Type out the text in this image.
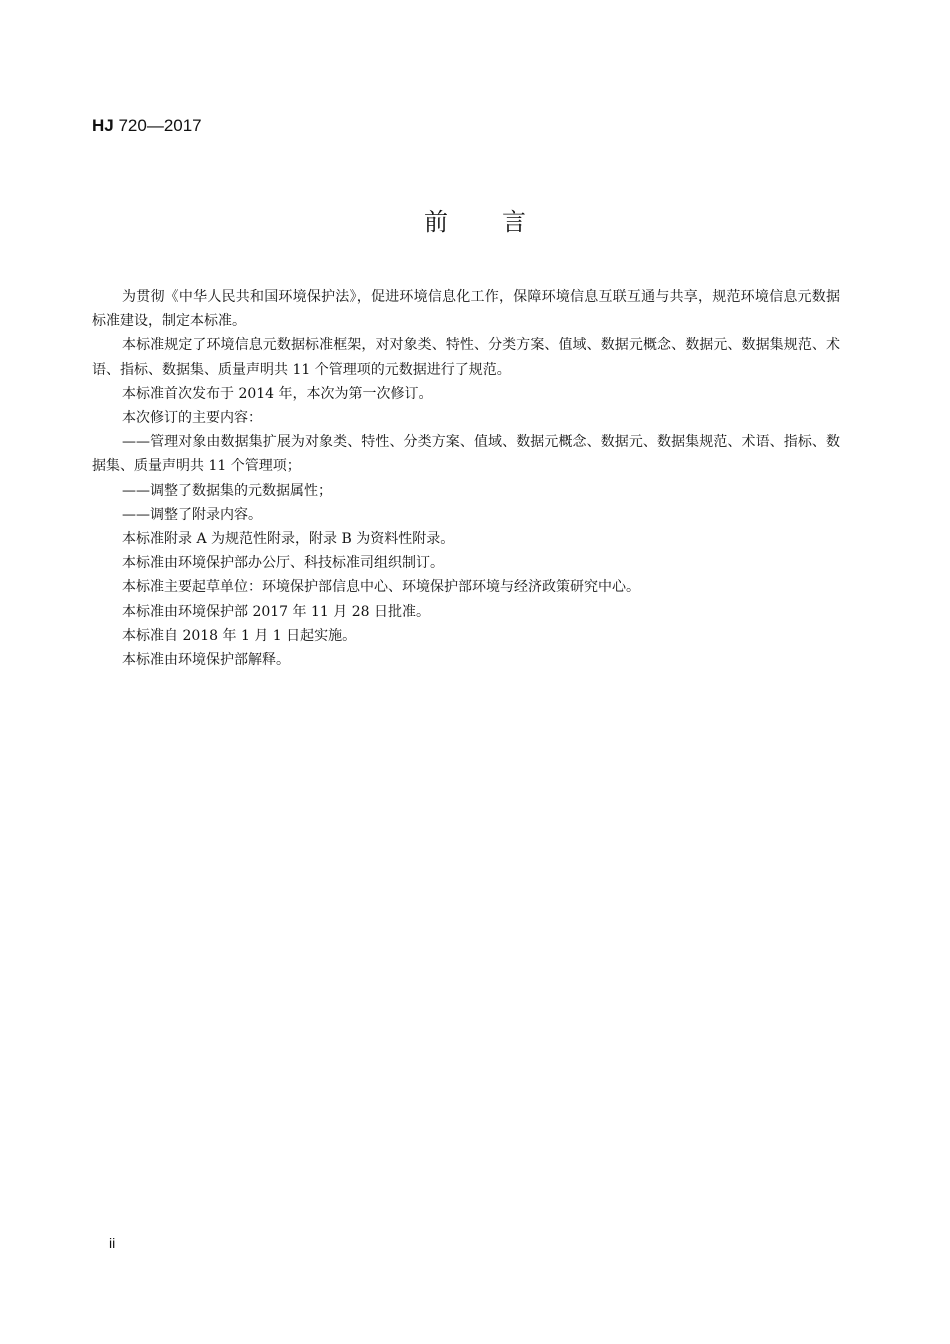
HJ 720—2017
前言

为贯彻《中华人民共和国环境保护法》，促进环境信息化工作，保障环境信息互联互通与共享，规范环境信息元数据标准建设，制定本标准。

本标准规定了环境信息元数据标准框架，对对象类、特性、分类方案、值域、数据元概念、数据元、数据集规范、术语、指标、数据集、质量声明共 11 个管理项的元数据进行了规范。

本标准首次发布于 2014 年，本次为第一次修订。

本次修订的主要内容：

——管理对象由数据集扩展为对象类、特性、分类方案、值域、数据元概念、数据元、数据集规范、术语、指标、数据集、质量声明共 11 个管理项；

——调整了数据集的元数据属性；

——调整了附录内容。

本标准附录 A 为规范性附录，附录 B 为资料性附录。

本标准由环境保护部办公厅、科技标准司组织制订。

本标准主要起草单位：环境保护部信息中心、环境保护部环境与经济政策研究中心。

本标准由环境保护部 2017 年 11 月 28 日批准。

本标准自 2018 年 1 月 1 日起实施。

本标准由环境保护部解释。

ii
